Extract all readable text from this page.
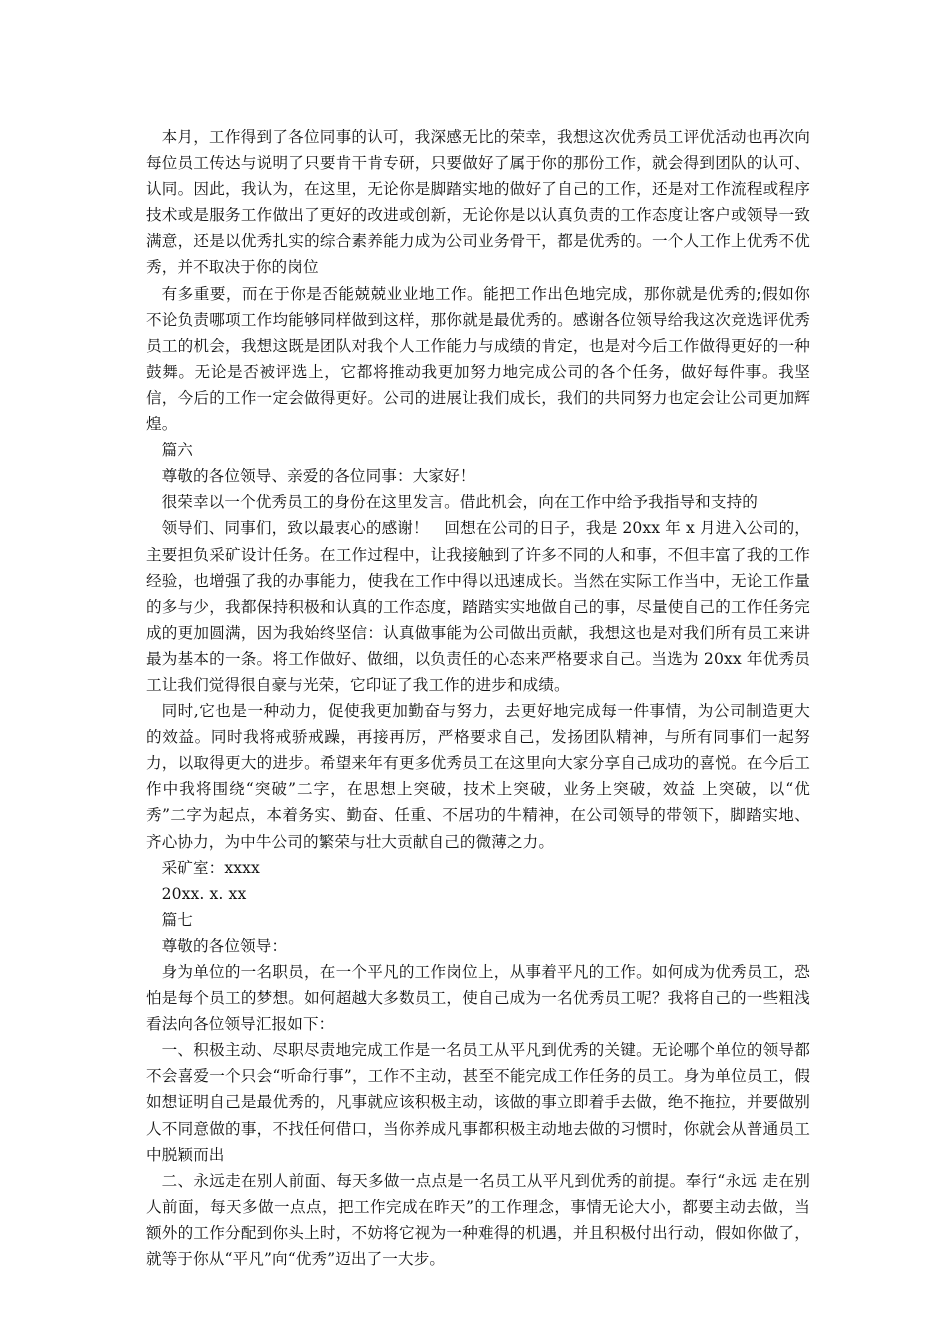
本月，工作得到了各位同事的认可，我深感无比的荣幸，我想这次优秀员工评优活动也再次向每位员工传达与说明了只要肯干肯专研，只要做好了属于你的那份工作，就会得到团队的认可、认同。因此，我认为，在这里，无论你是脚踏实地的做好了自己的工作，还是对工作流程或程序技术或是服务工作做出了更好的改进或创新，无论你是以认真负责的工作态度让客户或领导一致满意，还是以优秀扎实的综合素养能力成为公司业务骨干，都是优秀的。一个人工作上优秀不优秀，并不取决于你的岗位

有多重要，而在于你是否能兢兢业业地工作。能把工作出色地完成，那你就是优秀的;假如你不论负责哪项工作均能够同样做到这样，那你就是最优秀的。感谢各位领导给我这次竞选评优秀员工的机会，我想这既是团队对我个人工作能力与成绩的肯定，也是对今后工作做得更好的一种鼓舞。无论是否被评选上，它都将推动我更加努力地完成公司的各个任务，做好每件事。我坚信，今后的工作一定会做得更好。公司的进展让我们成长，我们的共同努力也定会让公司更加辉煌。

篇六

尊敬的各位领导、亲爱的各位同事：大家好！

很荣幸以一个优秀员工的身份在这里发言。借此机会，向在工作中给予我指导和支持的

领导们、同事们，致以最衷心的感谢！　回想在公司的日子，我是 20xx 年 x 月进入公司的，主要担负采矿设计任务。在工作过程中，让我接触到了许多不同的人和事，不但丰富了我的工作经验，也增强了我的办事能力，使我在工作中得以迅速成长。当然在实际工作当中，无论工作量的多与少，我都保持积极和认真的工作态度，踏踏实实地做自己的事，尽量使自己的工作任务完成的更加圆满，因为我始终坚信：认真做事能为公司做出贡献，我想这也是对我们所有员工来讲最为基本的一条。将工作做好、做细，以负责任的心态来严格要求自己。当选为 20xx 年优秀员工让我们觉得很自豪与光荣，它印证了我工作的进步和成绩。

同时,它也是一种动力，促使我更加勤奋与努力，去更好地完成每一件事情，为公司制造更大的效益。同时我将戒骄戒躁，再接再厉，严格要求自己，发扬团队精神，与所有同事们一起努力，以取得更大的进步。希望来年有更多优秀员工在这里向大家分享自己成功的喜悦。在今后工作中我将围绕“突破”二字，在思想上突破，技术上突破，业务上突破，效益 上突破，以“优秀”二字为起点，本着务实、勤奋、任重、不居功的牛精神，在公司领导的带领下，脚踏实地、齐心协力，为中牛公司的繁荣与壮大贡献自己的微薄之力。

采矿室：xxxx

20xx. x. xx

篇七

尊敬的各位领导：

身为单位的一名职员，在一个平凡的工作岗位上，从事着平凡的工作。如何成为优秀员工，恐怕是每个员工的梦想。如何超越大多数员工，使自己成为一名优秀员工呢？我将自己的一些粗浅看法向各位领导汇报如下：

一、积极主动、尽职尽责地完成工作是一名员工从平凡到优秀的关键。无论哪个单位的领导都不会喜爱一个只会“听命行事”，工作不主动，甚至不能完成工作任务的员工。身为单位员工，假如想证明自己是最优秀的，凡事就应该积极主动，该做的事立即着手去做，绝不拖拉，并要做别人不同意做的事，不找任何借口，当你养成凡事都积极主动地去做的习惯时，你就会从普通员工中脱颖而出

二、永远走在别人前面、每天多做一点点是一名员工从平凡到优秀的前提。奉行“永远 走在别人前面，每天多做一点点，把工作完成在昨天”的工作理念，事情无论大小，都要主动去做，当额外的工作分配到你头上时，不妨将它视为一种难得的机遇，并且积极付出行动，假如你做了，就等于你从“平凡”向“优秀”迈出了一大步。
